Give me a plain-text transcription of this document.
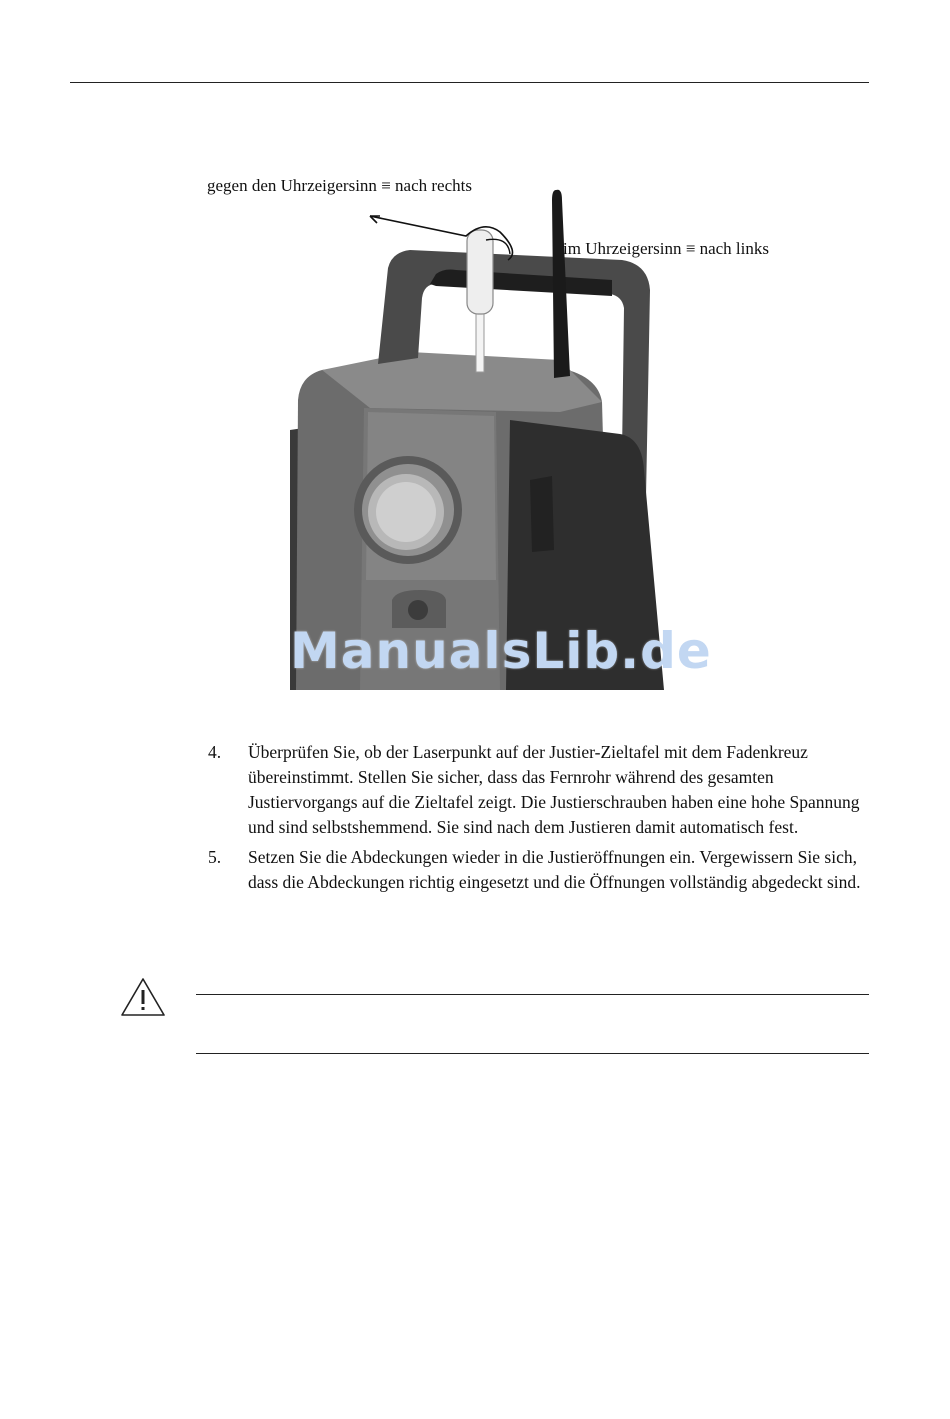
gegen den Uhrzeigersinn ≡ nach rechts
im Uhrzeigersinn ≡ nach links
ManualsLib.de
4. Überprüfen Sie, ob der Laserpunkt auf der Justier-Zieltafel mit dem Fadenkreuz übereinstimmt. Stellen Sie sicher, dass das Fernrohr während des gesamten Justiervorgangs auf die Zieltafel zeigt. Die Justierschrauben haben eine hohe Spannung und sind selbstshemmend. Sie sind nach dem Justieren damit automatisch fest.
5. Setzen Sie die Abdeckungen wieder in die Justieröffnungen ein. Vergewissern Sie sich, dass die Abdeckungen richtig eingesetzt und die Öffnungen vollständig abgedeckt sind.
